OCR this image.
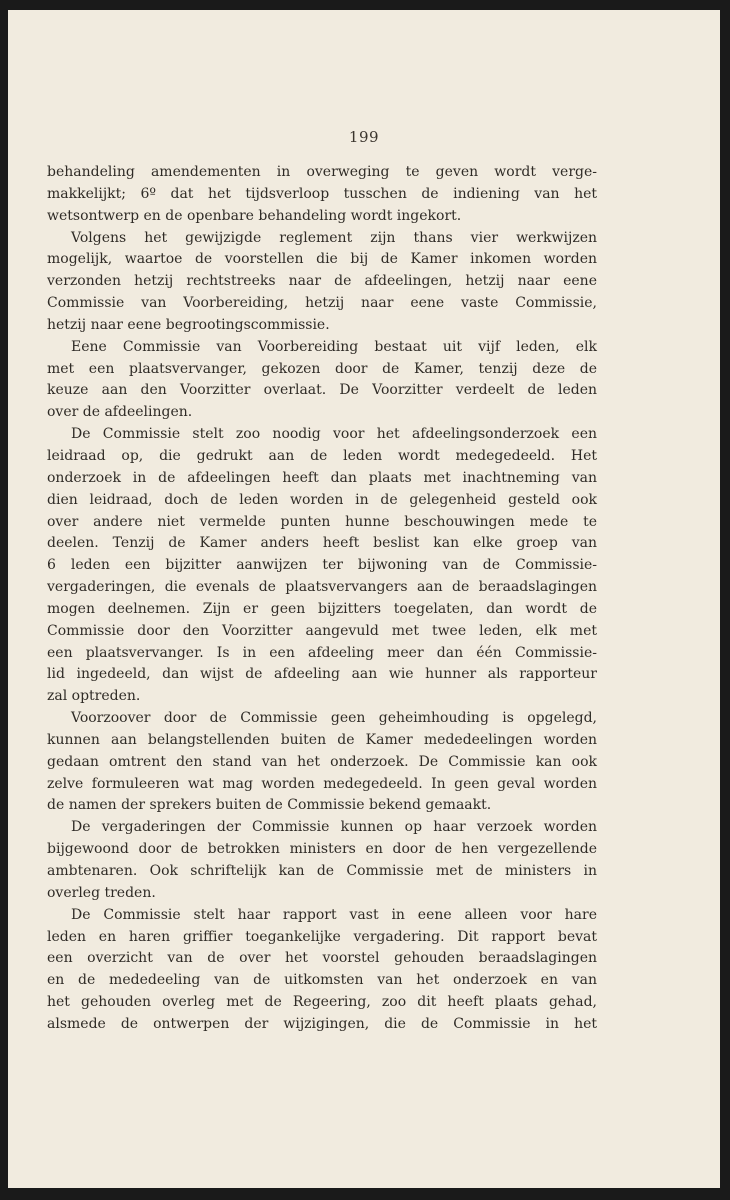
199
behandeling amendementen in overweging te geven wordt verge-
makkelijkt; 6º dat het tijdsverloop tusschen de indiening van het
wetsontwerp en de openbare behandeling wordt ingekort.
Volgens het gewijzigde reglement zijn thans vier werkwijzen
mogelijk, waartoe de voorstellen die bij de Kamer inkomen worden
verzonden hetzij rechtstreeks naar de afdeelingen, hetzij naar eene
Commissie van Voorbereiding, hetzij naar eene vaste Commissie,
hetzij naar eene begrootingscommissie.
Eene Commissie van Voorbereiding bestaat uit vijf leden, elk
met een plaatsvervanger, gekozen door de Kamer, tenzij deze de
keuze aan den Voorzitter overlaat. De Voorzitter verdeelt de leden
over de afdeelingen.
De Commissie stelt zoo noodig voor het afdeelingsonderzoek een
leidraad op, die gedrukt aan de leden wordt medegedeeld. Het
onderzoek in de afdeelingen heeft dan plaats met inachtneming van
dien leidraad, doch de leden worden in de gelegenheid gesteld ook
over andere niet vermelde punten hunne beschouwingen mede te
deelen. Tenzij de Kamer anders heeft beslist kan elke groep van
6 leden een bijzitter aanwijzen ter bijwoning van de Commissie-
vergaderingen, die evenals de plaatsvervangers aan de beraadslagingen
mogen deelnemen. Zijn er geen bijzitters toegelaten, dan wordt de
Commissie door den Voorzitter aangevuld met twee leden, elk met
een plaatsvervanger. Is in een afdeeling meer dan één Commissie-
lid ingedeeld, dan wijst de afdeeling aan wie hunner als rapporteur
zal optreden.
Voorzoover door de Commissie geen geheimhouding is opgelegd,
kunnen aan belangstellenden buiten de Kamer mededeelingen worden
gedaan omtrent den stand van het onderzoek. De Commissie kan ook
zelve formuleeren wat mag worden medegedeeld. In geen geval worden
de namen der sprekers buiten de Commissie bekend gemaakt.
De vergaderingen der Commissie kunnen op haar verzoek worden
bijgewoond door de betrokken ministers en door de hen vergezellende
ambtenaren. Ook schriftelijk kan de Commissie met de ministers in
overleg treden.
De Commissie stelt haar rapport vast in eene alleen voor hare
leden en haren griffier toegankelijke vergadering. Dit rapport bevat
een overzicht van de over het voorstel gehouden beraadslagingen
en de mededeeling van de uitkomsten van het onderzoek en van
het gehouden overleg met de Regeering, zoo dit heeft plaats gehad,
alsmede de ontwerpen der wijzigingen, die de Commissie in het
